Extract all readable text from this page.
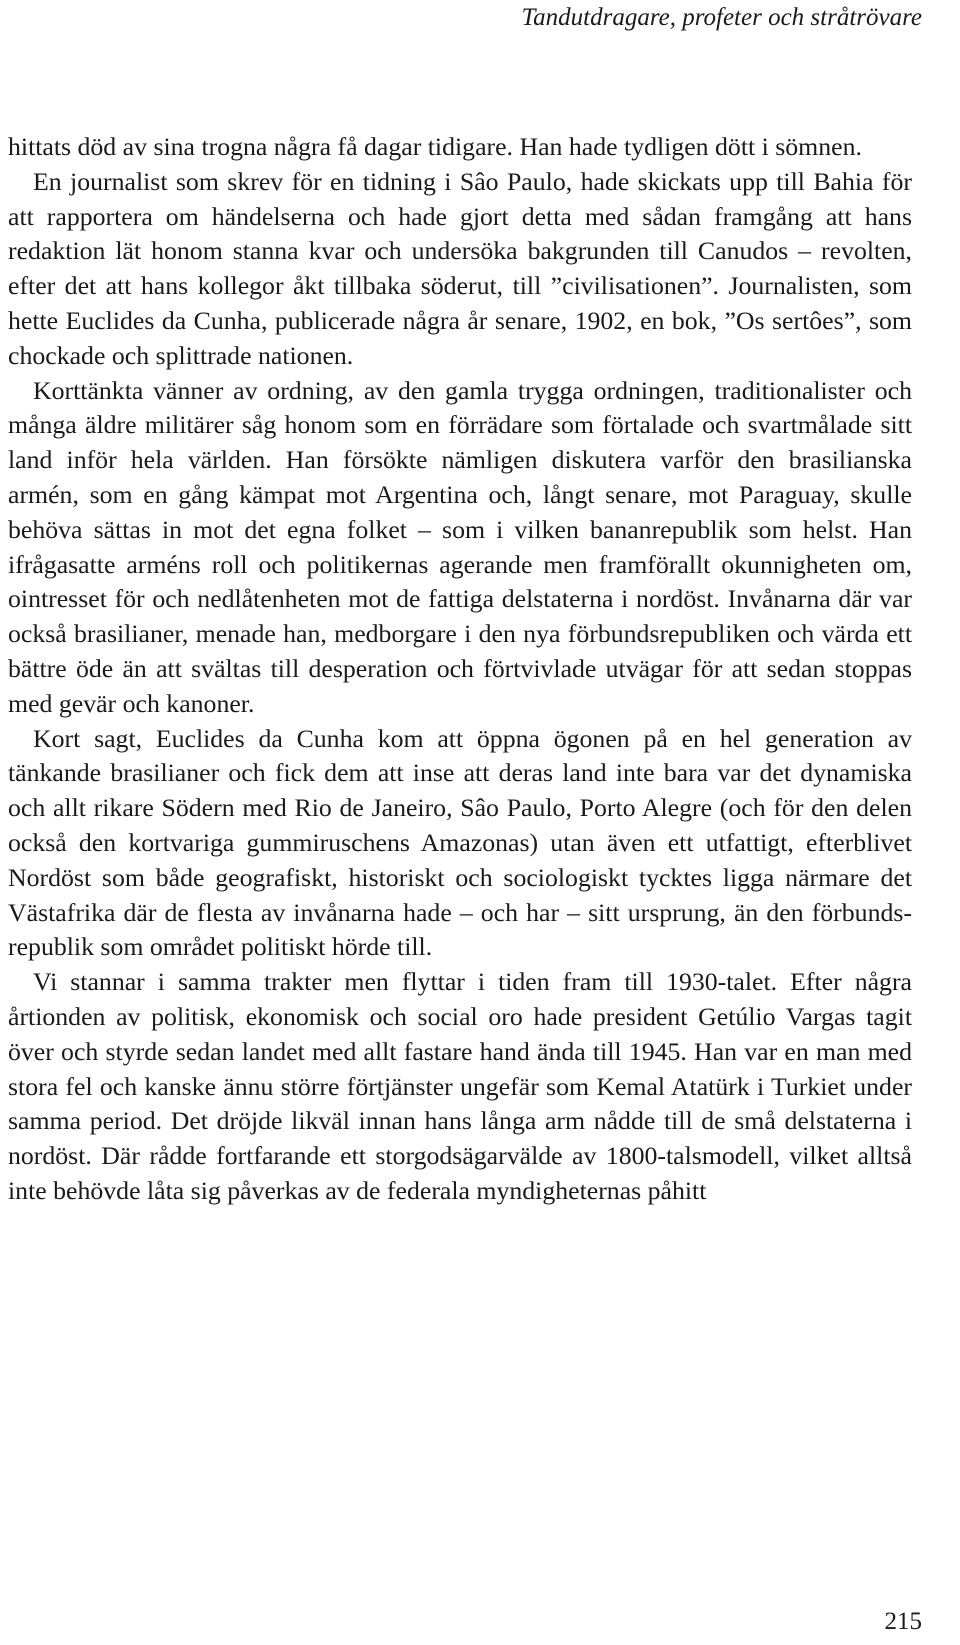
Tandutdragare, profeter och stråtrövare

hittats död av sina trogna några få dagar tidigare. Han hade tydligen dött i sömnen.

En journalist som skrev för en tidning i Sâo Paulo, hade skickats upp till Bahia för att rapportera om händelserna och hade gjort detta med sådan framgång att hans redaktion lät honom stanna kvar och undersöka bakgrunden till Canudos – revolten, efter det att hans kollegor åkt tillbaka söderut, till ”civilisationen”. Journalisten, som hette Euclides da Cunha, publicerade några år senare, 1902, en bok, ”Os sertôes”, som chockade och splittrade nationen.

Korttänkta vänner av ordning, av den gamla trygga ordningen, traditionalister och många äldre militärer såg honom som en förrädare som förtalade och svartmålade sitt land inför hela världen. Han försökte nämligen diskutera varför den brasilianska armén, som en gång kämpat mot Argentina och, långt senare, mot Paraguay, skulle behöva sättas in mot det egna folket – som i vilken bananrepublik som helst. Han ifrågasatte arméns roll och politikernas agerande men framförallt okunnigheten om, ointresset för och nedlåtenheten mot de fattiga delstaterna i nordöst. Invånarna där var också brasilianer, menade han, medborgare i den nya förbundsrepubliken och värda ett bättre öde än att svältas till desperation och förtvivlade utvägar för att sedan stoppas med gevär och kanoner.

Kort sagt, Euclides da Cunha kom att öppna ögonen på en hel generation av tänkande brasilianer och fick dem att inse att deras land inte bara var det dynamiska och allt rikare Södern med Rio de Janeiro, Sâo Paulo, Porto Alegre (och för den delen också den kortvariga gummiruschens Amazonas) utan även ett utfattigt, efterblivet Nordöst som både geografiskt, historiskt och sociologiskt tycktes ligga närmare det Västafrika där de flesta av invånarna hade – och har – sitt ursprung, än den förbundsrepublik som området politiskt hörde till.

Vi stannar i samma trakter men flyttar i tiden fram till 1930-talet. Efter några årtionden av politisk, ekonomisk och social oro hade president Getúlio Vargas tagit över och styrde sedan landet med allt fastare hand ända till 1945. Han var en man med stora fel och kanske ännu större förtjänster ungefär som Kemal Atatürk i Turkiet under samma period. Det dröjde likväl innan hans långa arm nådde till de små delstaterna i nordöst. Där rådde fortfarande ett storgodsägarvälde av 1800-talsmodell, vilket alltså inte behövde låta sig påverkas av de federala myndigheternas påhitt

215
